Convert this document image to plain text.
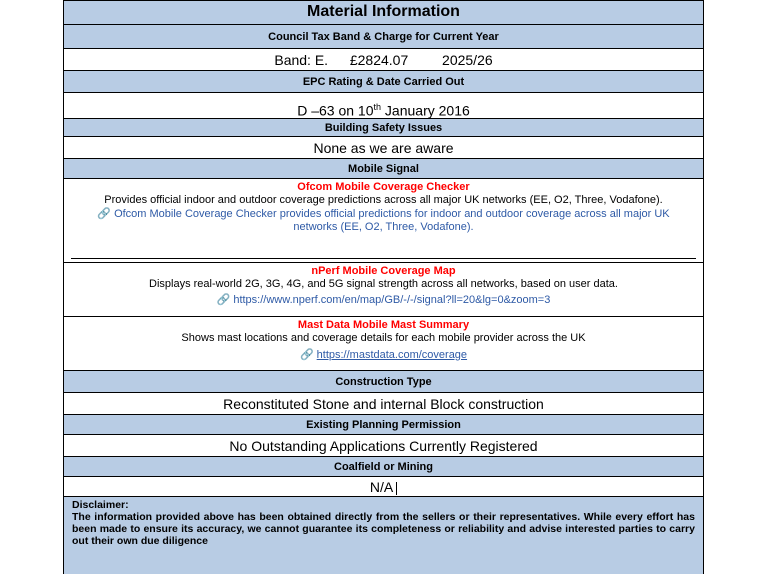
Material Information
Council Tax Band & Charge for Current Year
Band: E. £2824.07 2025/26
EPC Rating & Date Carried Out
D –63 on 10th January 2016
Building Safety Issues
None as we are aware
Mobile Signal
Ofcom Mobile Coverage Checker
Provides official indoor and outdoor coverage predictions across all major UK networks (EE, O2, Three, Vodafone).
🔗 Ofcom Mobile Coverage Checker provides official predictions for indoor and outdoor coverage across all major UK
networks (EE, O2, Three, Vodafone).
nPerf Mobile Coverage Map
Displays real-world 2G, 3G, 4G, and 5G signal strength across all networks, based on user data.
🔗 https://www.nperf.com/en/map/GB/-/-/signal?ll=20&lg=0&zoom=3
Mast Data Mobile Mast Summary
Shows mast locations and coverage details for each mobile provider across the UK
🔗 https://mastdata.com/coverage
Construction Type
Reconstituted Stone and internal Block construction
Existing Planning Permission
No Outstanding Applications Currently Registered
Coalfield or Mining
N/A
Disclaimer:
The information provided above has been obtained directly from the sellers or their representatives. While every effort has been made to ensure its accuracy, we cannot guarantee its completeness or reliability and advise interested parties to carry out their own due diligence
